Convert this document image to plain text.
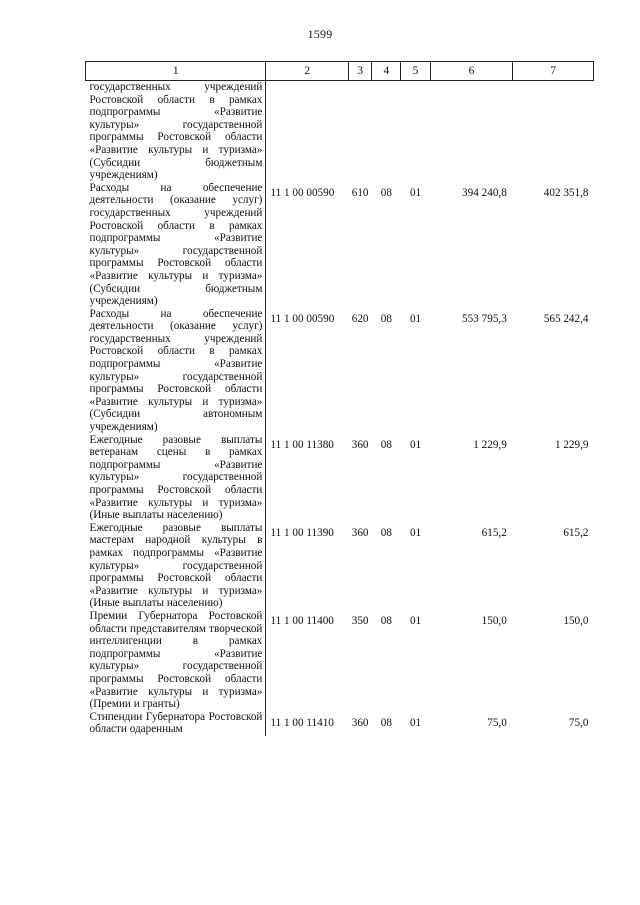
1599
1	2	3	4	5	6	7
государственных учреждений Ростовской области в рамках подпрограммы «Развитие культуры» государственной программы Ростовской области «Развитие культуры и туризма» (Субсидии бюджетным учреждениям)						
Расходы на обеспечение деятельности (оказание услуг) государственных учреждений Ростовской области в рамках подпрограммы «Развитие культуры» государственной программы Ростовской области «Развитие культуры и туризма» (Субсидии бюджетным учреждениям)	11 1 00 00590	610	08	01	394 240,8	402 351,8
Расходы на обеспечение деятельности (оказание услуг) государственных учреждений Ростовской области в рамках подпрограммы «Развитие культуры» государственной программы Ростовской области «Развитие культуры и туризма» (Субсидии автономным учреждениям)	11 1 00 00590	620	08	01	553 795,3	565 242,4
Ежегодные разовые выплаты ветеранам сцены в рамках подпрограммы «Развитие культуры» государственной программы Ростовской области «Развитие культуры и туризма» (Иные выплаты населению)	11 1 00 11380	360	08	01	1 229,9	1 229,9
Ежегодные разовые выплаты мастерам народной культуры в рамках подпрограммы «Развитие культуры» государственной программы Ростовской области «Развитие культуры и туризма» (Иные выплаты населению)	11 1 00 11390	360	08	01	615,2	615,2
Премии Губернатора Ростовской области представителям творческой интеллигенции в рамках подпрограммы «Развитие культуры» государственной программы Ростовской области «Развитие культуры и туризма» (Премии и гранты)	11 1 00 11400	350	08	01	150,0	150,0
Стипендии Губернатора Ростовской области одаренным	11 1 00 11410	360	08	01	75,0	75,0
